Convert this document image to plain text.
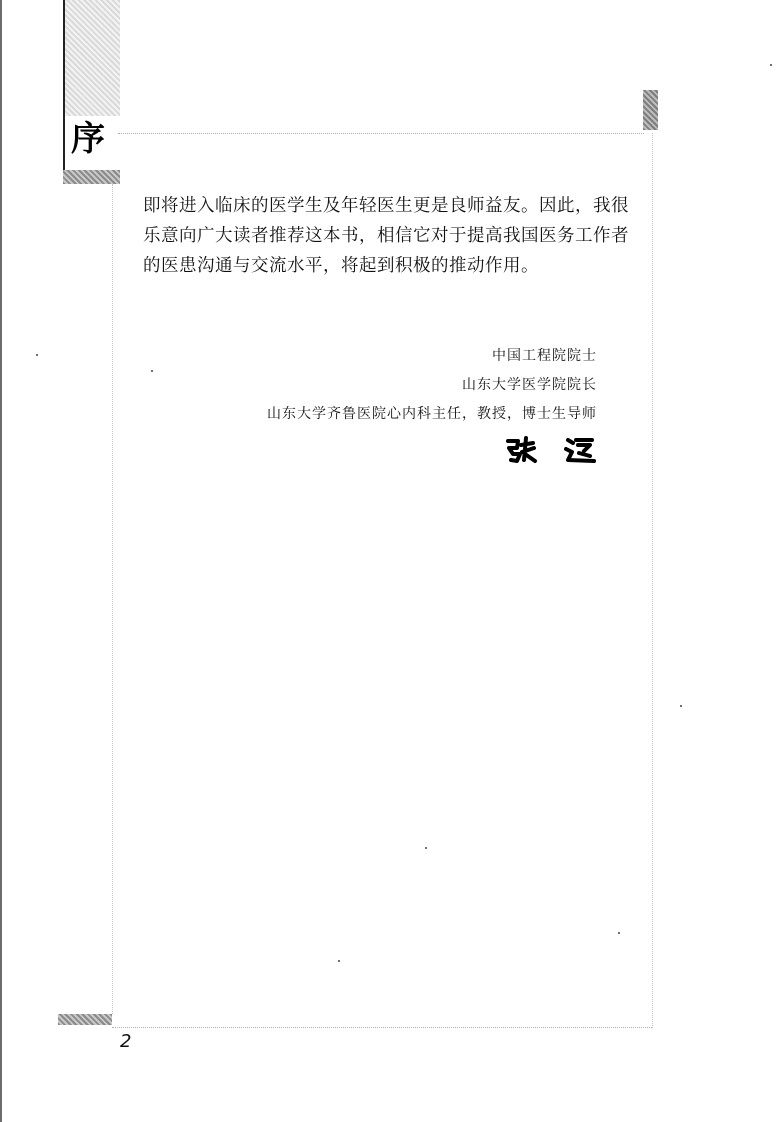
序

即将进入临床的医学生及年轻医生更是良师益友。因此，我很乐意向广大读者推荐这本书，相信它对于提高我国医务工作者的医患沟通与交流水平，将起到积极的推动作用。

中国工程院院士
山东大学医学院院长
山东大学齐鲁医院心内科主任，教授，博士生导师
2
